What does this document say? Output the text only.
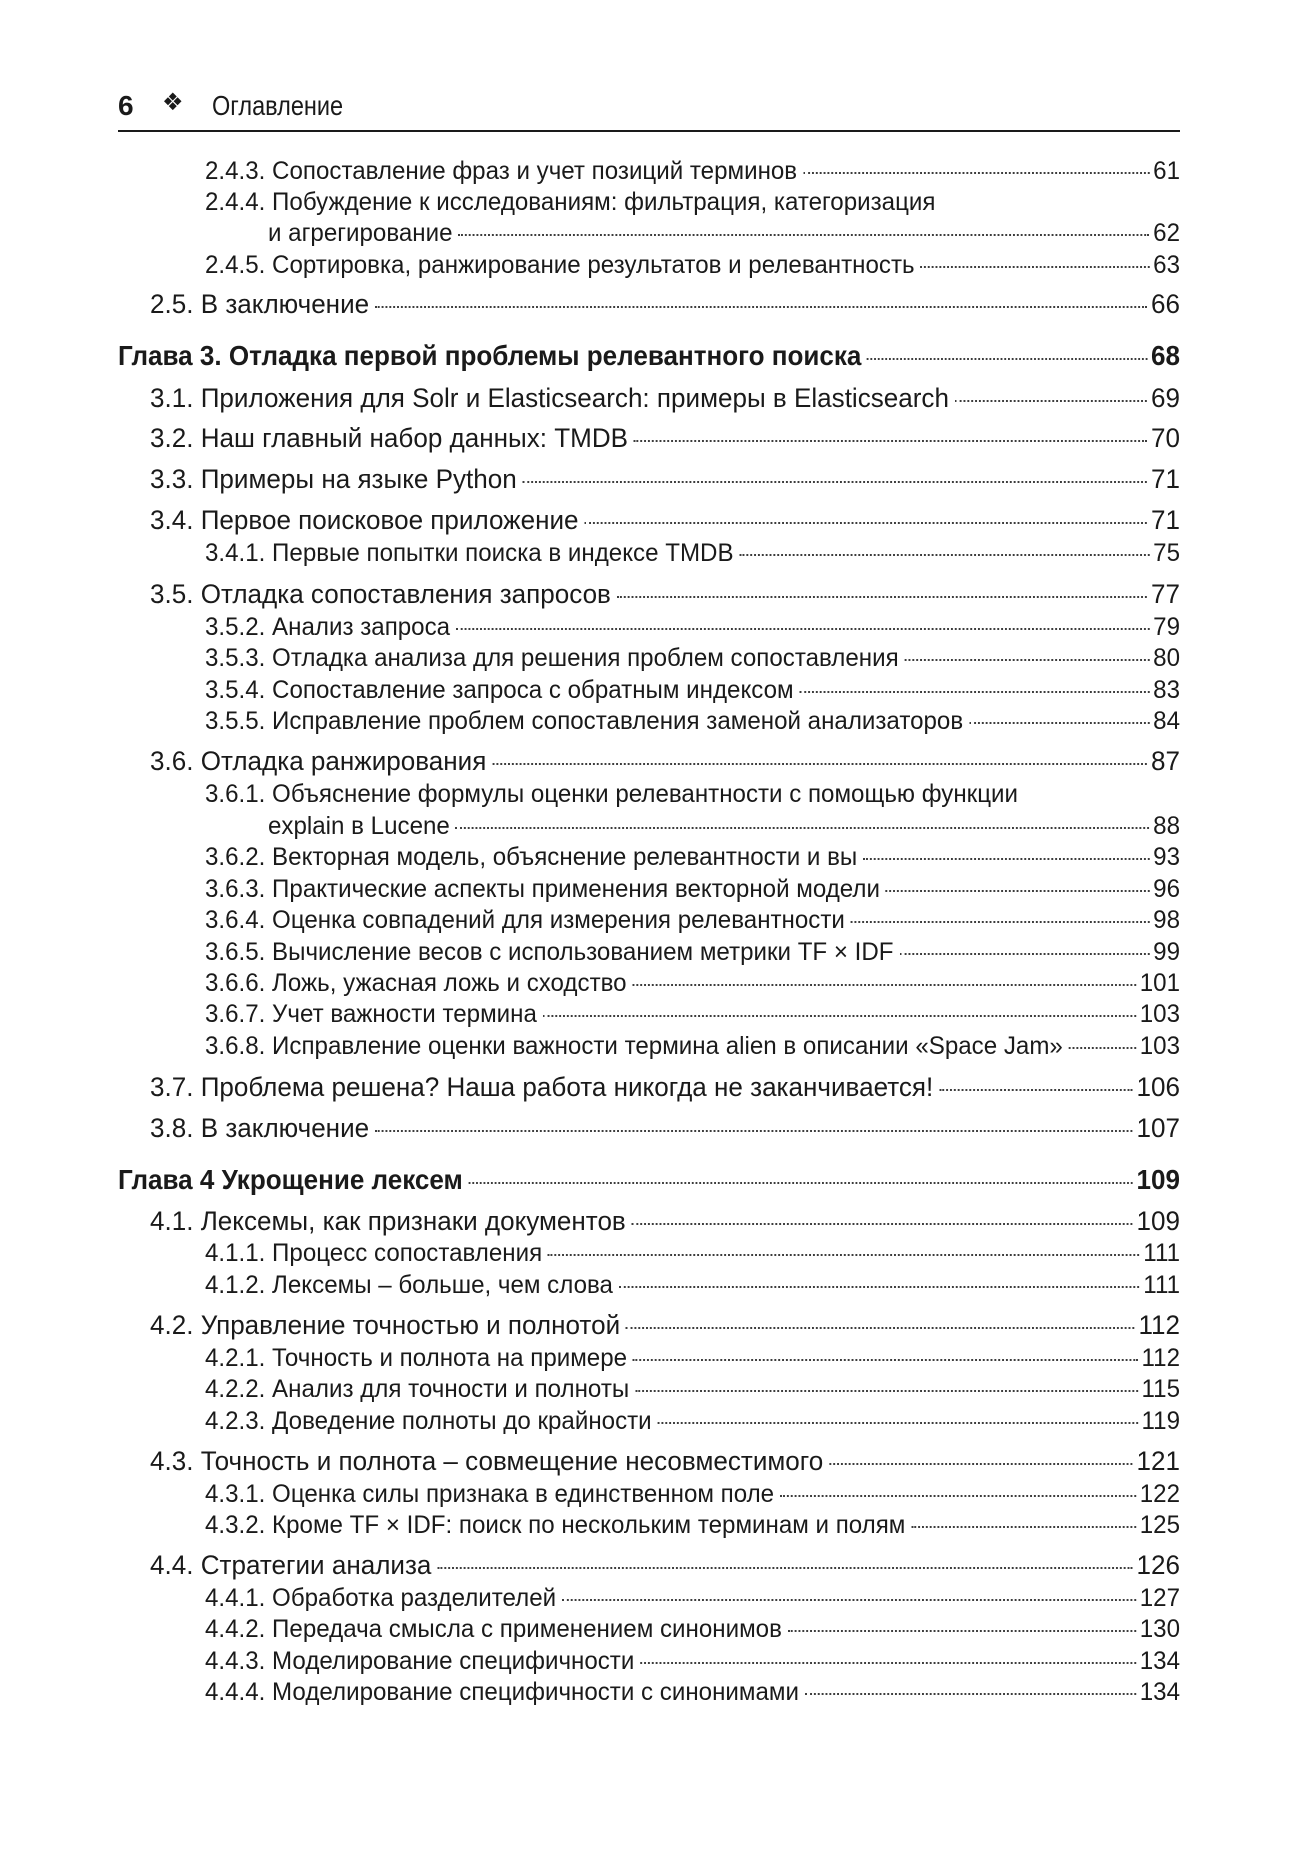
6 ❖ Оглавление
2.4.3. Сопоставление фраз и учет позиций терминов	61
2.4.4. Побуждение к исследованиям: фильтрация, категоризация
и агрегирование	62
2.4.5. Сортировка, ранжирование результатов и релевантность	63
2.5. В заключение	66
Глава 3. Отладка первой проблемы релевантного поиска	68
3.1. Приложения для Solr и Elasticsearch: примеры в Elasticsearch	69
3.2. Наш главный набор данных: TMDB	70
3.3. Примеры на языке Python	71
3.4. Первое поисковое приложение	71
3.4.1. Первые попытки поиска в индексе TMDB	75
3.5. Отладка сопоставления запросов	77
3.5.2. Анализ запроса	79
3.5.3. Отладка анализа для решения проблем сопоставления	80
3.5.4. Сопоставление запроса с обратным индексом	83
3.5.5. Исправление проблем сопоставления заменой анализаторов	84
3.6. Отладка ранжирования	87
3.6.1. Объяснение формулы оценки релевантности с помощью функции
explain в Lucene	88
3.6.2. Векторная модель, объяснение релевантности и вы	93
3.6.3. Практические аспекты применения векторной модели	96
3.6.4. Оценка совпадений для измерения релевантности	98
3.6.5. Вычисление весов с использованием метрики TF × IDF	99
3.6.6. Ложь, ужасная ложь и сходство	101
3.6.7. Учет важности термина	103
3.6.8. Исправление оценки важности термина alien в описании «Space Jam»	103
3.7. Проблема решена? Наша работа никогда не заканчивается!	106
3.8. В заключение	107
Глава 4 Укрощение лексем	109
4.1. Лексемы, как признаки документов	109
4.1.1. Процесс сопоставления	111
4.1.2. Лексемы – больше, чем слова	111
4.2. Управление точностью и полнотой	112
4.2.1. Точность и полнота на примере	112
4.2.2. Анализ для точности и полноты	115
4.2.3. Доведение полноты до крайности	119
4.3. Точность и полнота – совмещение несовместимого	121
4.3.1. Оценка силы признака в единственном поле	122
4.3.2. Кроме TF × IDF: поиск по нескольким терминам и полям	125
4.4. Стратегии анализа	126
4.4.1. Обработка разделителей	127
4.4.2. Передача смысла с применением синонимов	130
4.4.3. Моделирование специфичности	134
4.4.4. Моделирование специфичности с синонимами	134
